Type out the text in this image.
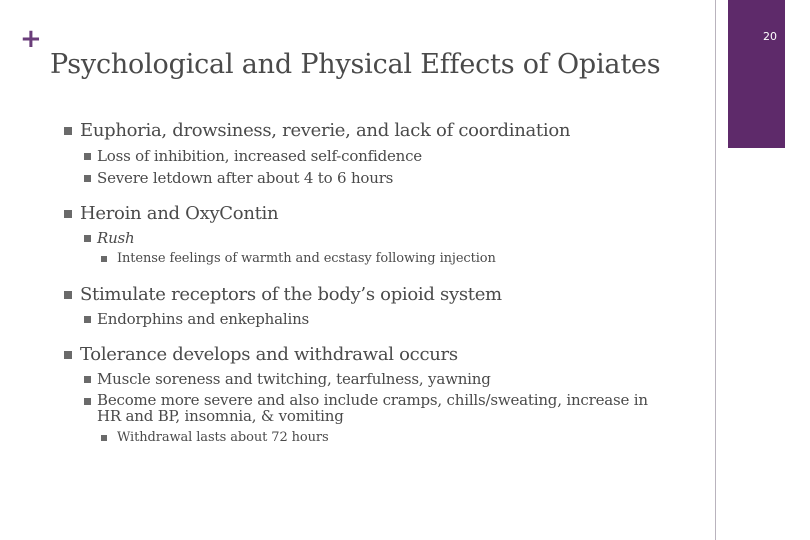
+	20
Psychological and Physical Effects of Opiates
Euphoria, drowsiness, reverie, and lack of coordination
Loss of inhibition, increased self-confidence
Severe letdown after about 4 to 6 hours
Heroin and OxyContin
Rush
Intense feelings of warmth and ecstasy following injection
Stimulate receptors of the body’s opioid system
Endorphins and enkephalins
Tolerance develops and withdrawal occurs
Muscle soreness and twitching, tearfulness, yawning
Become more severe and also include cramps, chills/sweating, increase in HR and BP, insomnia, & vomiting
Withdrawal lasts about 72 hours
